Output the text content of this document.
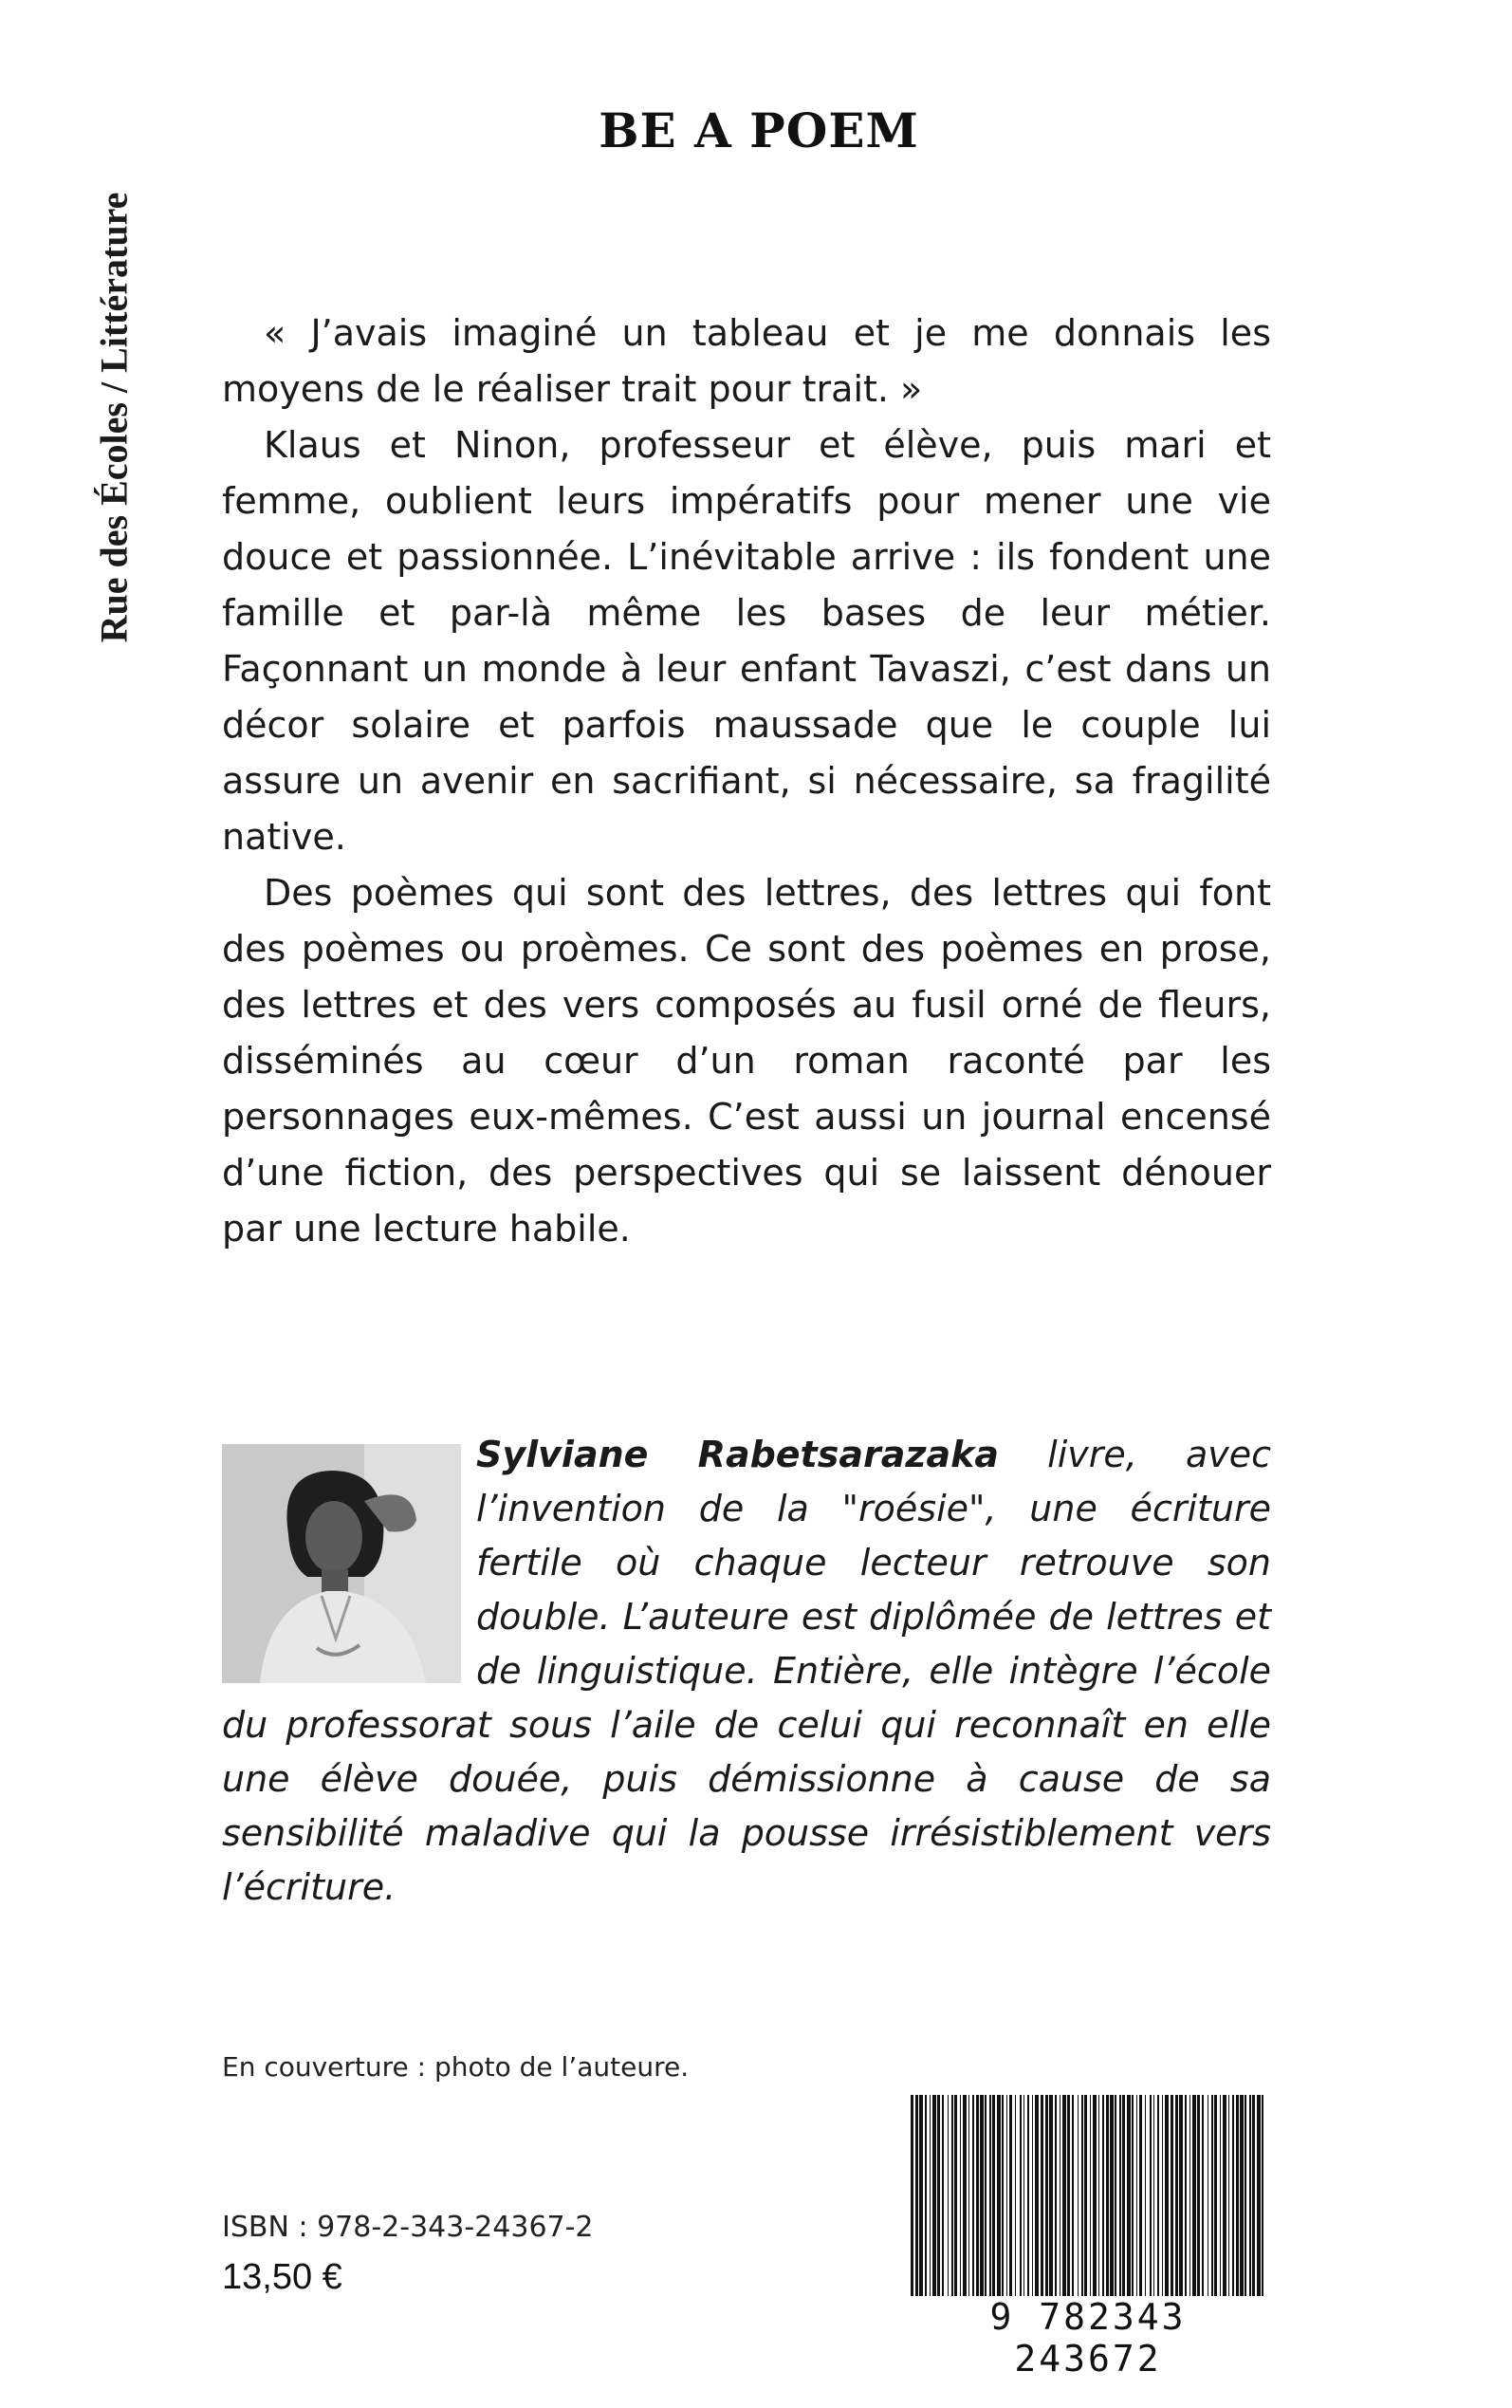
Rue des Écoles / Littérature
BE A POEM

« J’avais imaginé un tableau et je me donnais les moyens de le réaliser trait pour trait. »

Klaus et Ninon, professeur et élève, puis mari et femme, oublient leurs impératifs pour mener une vie douce et passionnée. L’inévitable arrive : ils fondent une famille et par-là même les bases de leur métier. Façonnant un monde à leur enfant Tavaszi, c’est dans un décor solaire et parfois maussade que le couple lui assure un avenir en sacrifiant, si nécessaire, sa fragilité native.

Des poèmes qui sont des lettres, des lettres qui font des poèmes ou proèmes. Ce sont des poèmes en prose, des lettres et des vers composés au fusil orné de fleurs, disséminés au cœur d’un roman raconté par les personnages eux-mêmes. C’est aussi un journal encensé d’une fiction, des perspectives qui se laissent dénouer par une lecture habile.

Sylviane Rabetsarazaka livre, avec l’invention de la "roésie", une écriture fertile où chaque lecteur retrouve son double. L’auteure est diplômée de lettres et de linguistique. Entière, elle intègre l’école du professorat sous l’aile de celui qui reconnaît en elle une élève douée, puis démissionne à cause de sa sensibilité maladive qui la pousse irrésistiblement vers l’écriture.
En couverture : photo de l’auteure.
ISBN : 978-2-343-24367-2
13,50 €
9 782343 243672
